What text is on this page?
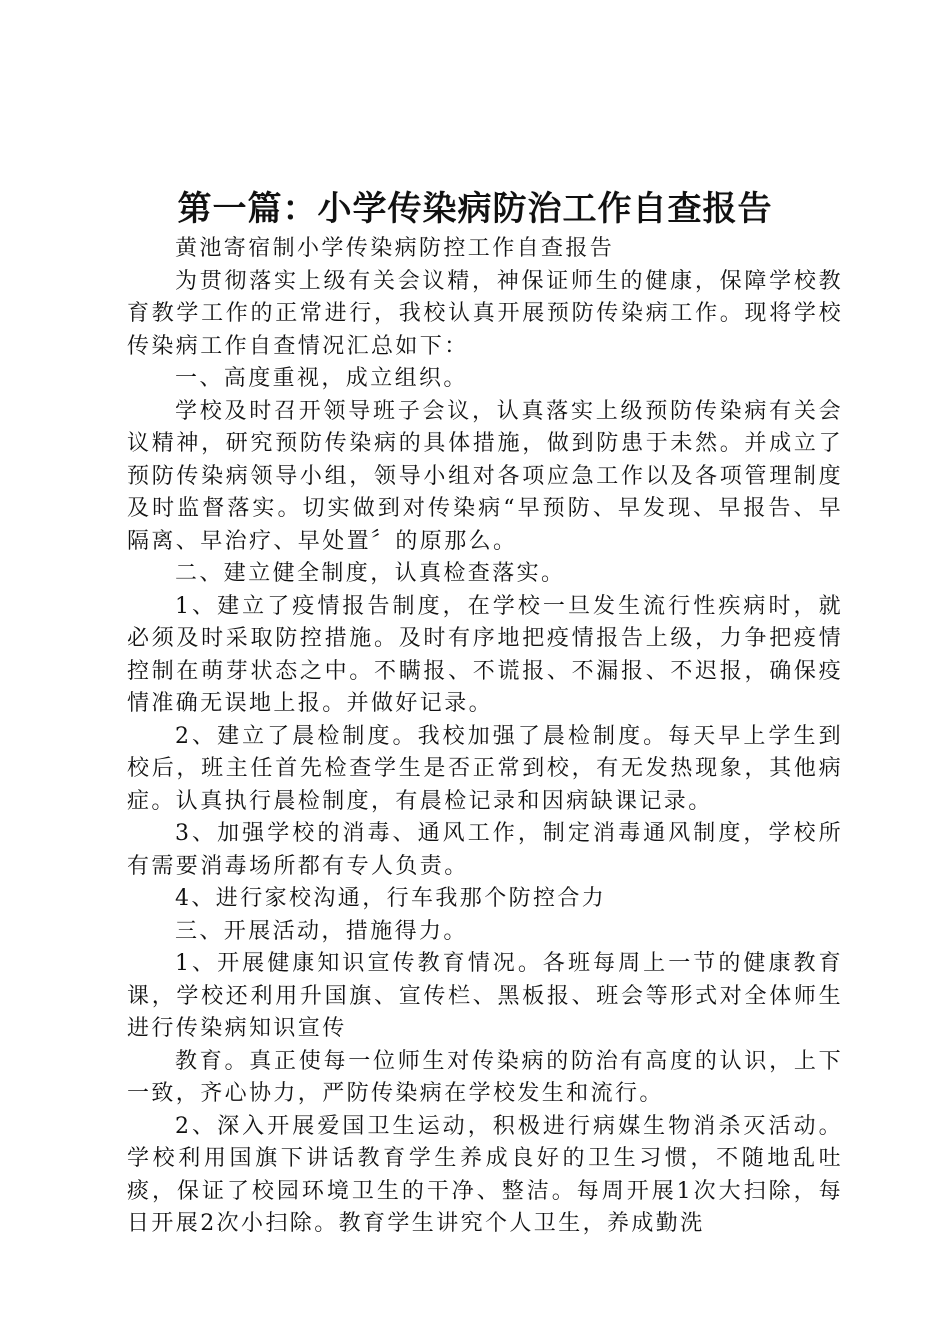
第一篇：小学传染病防治工作自查报告

黄池寄宿制小学传染病防控工作自查报告

为贯彻落实上级有关会议精，神保证师生的健康，保障学校教育教学工作的正常进行，我校认真开展预防传染病工作。现将学校传染病工作自查情况汇总如下：

一、高度重视，成立组织。

学校及时召开领导班子会议，认真落实上级预防传染病有关会议精神，研究预防传染病的具体措施，做到防患于未然。并成立了预防传染病领导小组，领导小组对各项应急工作以及各项管理制度及时监督落实。切实做到对传染病“早预防、早发现、早报告、早隔离、早治疗、早处置〞的原那么。

二、建立健全制度，认真检查落实。

1、建立了疫情报告制度，在学校一旦发生流行性疾病时，就必须及时采取防控措施。及时有序地把疫情报告上级，力争把疫情控制在萌芽状态之中。不瞒报、不谎报、不漏报、不迟报，确保疫情准确无误地上报。并做好记录。

2、建立了晨检制度。我校加强了晨检制度。每天早上学生到校后，班主任首先检查学生是否正常到校，有无发热现象，其他病症。认真执行晨检制度，有晨检记录和因病缺课记录。

3、加强学校的消毒、通风工作，制定消毒通风制度，学校所有需要消毒场所都有专人负责。

4、进行家校沟通，行车我那个防控合力

三、开展活动，措施得力。

1、开展健康知识宣传教育情况。各班每周上一节的健康教育课，学校还利用升国旗、宣传栏、黑板报、班会等形式对全体师生进行传染病知识宣传

教育。真正使每一位师生对传染病的防治有高度的认识，上下一致，齐心协力，严防传染病在学校发生和流行。

2、深入开展爱国卫生运动，积极进行病媒生物消杀灭活动。学校利用国旗下讲话教育学生养成良好的卫生习惯，不随地乱吐痰，保证了校园环境卫生的干净、整洁。每周开展1次大扫除，每日开展2次小扫除。教育学生讲究个人卫生，养成勤洗
